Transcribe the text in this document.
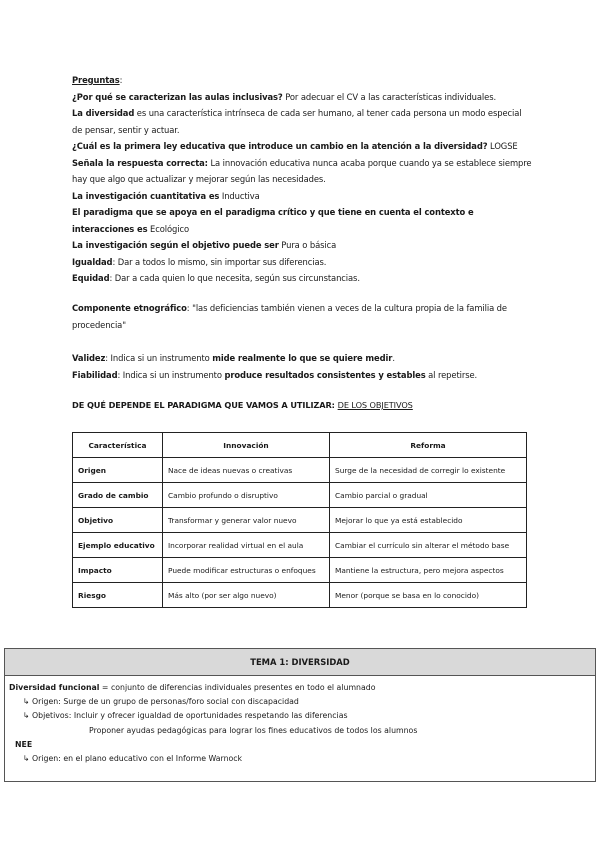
Preguntas:

¿Por qué se caracterizan las aulas inclusivas? Por adecuar el CV a las características individuales.

La diversidad es una característica intrínseca de cada ser humano, al tener cada persona un modo especial de pensar, sentir y actuar.

¿Cuál es la primera ley educativa que introduce un cambio en la atención a la diversidad? LOGSE

Señala la respuesta correcta: La innovación educativa nunca acaba porque cuando ya se establece siempre hay que algo que actualizar y mejorar según las necesidades.

La investigación cuantitativa es Inductiva

El paradigma que se apoya en el paradigma crítico y que tiene en cuenta el contexto e interacciones es Ecológico

La investigación según el objetivo puede ser Pura o básica

Igualdad: Dar a todos lo mismo, sin importar sus diferencias.

Equidad: Dar a cada quien lo que necesita, según sus circunstancias.

Componente etnográfico: "las deficiencias también vienen a veces de la cultura propia de la familia de procedencia"

Validez: Indica si un instrumento mide realmente lo que se quiere medir.

Fiabilidad: Indica si un instrumento produce resultados consistentes y estables al repetirse.

DE QUÉ DEPENDE EL PARADIGMA QUE VAMOS A UTILIZAR: DE LOS OBJETIVOS
Característica	Innovación	Reforma
Origen	Nace de ideas nuevas o creativas	Surge de la necesidad de corregir lo existente
Grado de cambio	Cambio profundo o disruptivo	Cambio parcial o gradual
Objetivo	Transformar y generar valor nuevo	Mejorar lo que ya está establecido
Ejemplo educativo	Incorporar realidad virtual en el aula	Cambiar el currículo sin alterar el método base
Impacto	Puede modificar estructuras o enfoques	Mantiene la estructura, pero mejora aspectos
Riesgo	Más alto (por ser algo nuevo)	Menor (porque se basa en lo conocido)
TEMA 1: DIVERSIDAD

Diversidad funcional = conjunto de diferencias individuales presentes en todo el alumnado

↳ Origen: Surge de un grupo de personas/foro social con discapacidad

↳ Objetivos: Incluir y ofrecer igualdad de oportunidades respetando las diferencias

Proponer ayudas pedagógicas para lograr los fines educativos de todos los alumnos

NEE

↳ Origen: en el plano educativo con el Informe Warnock
